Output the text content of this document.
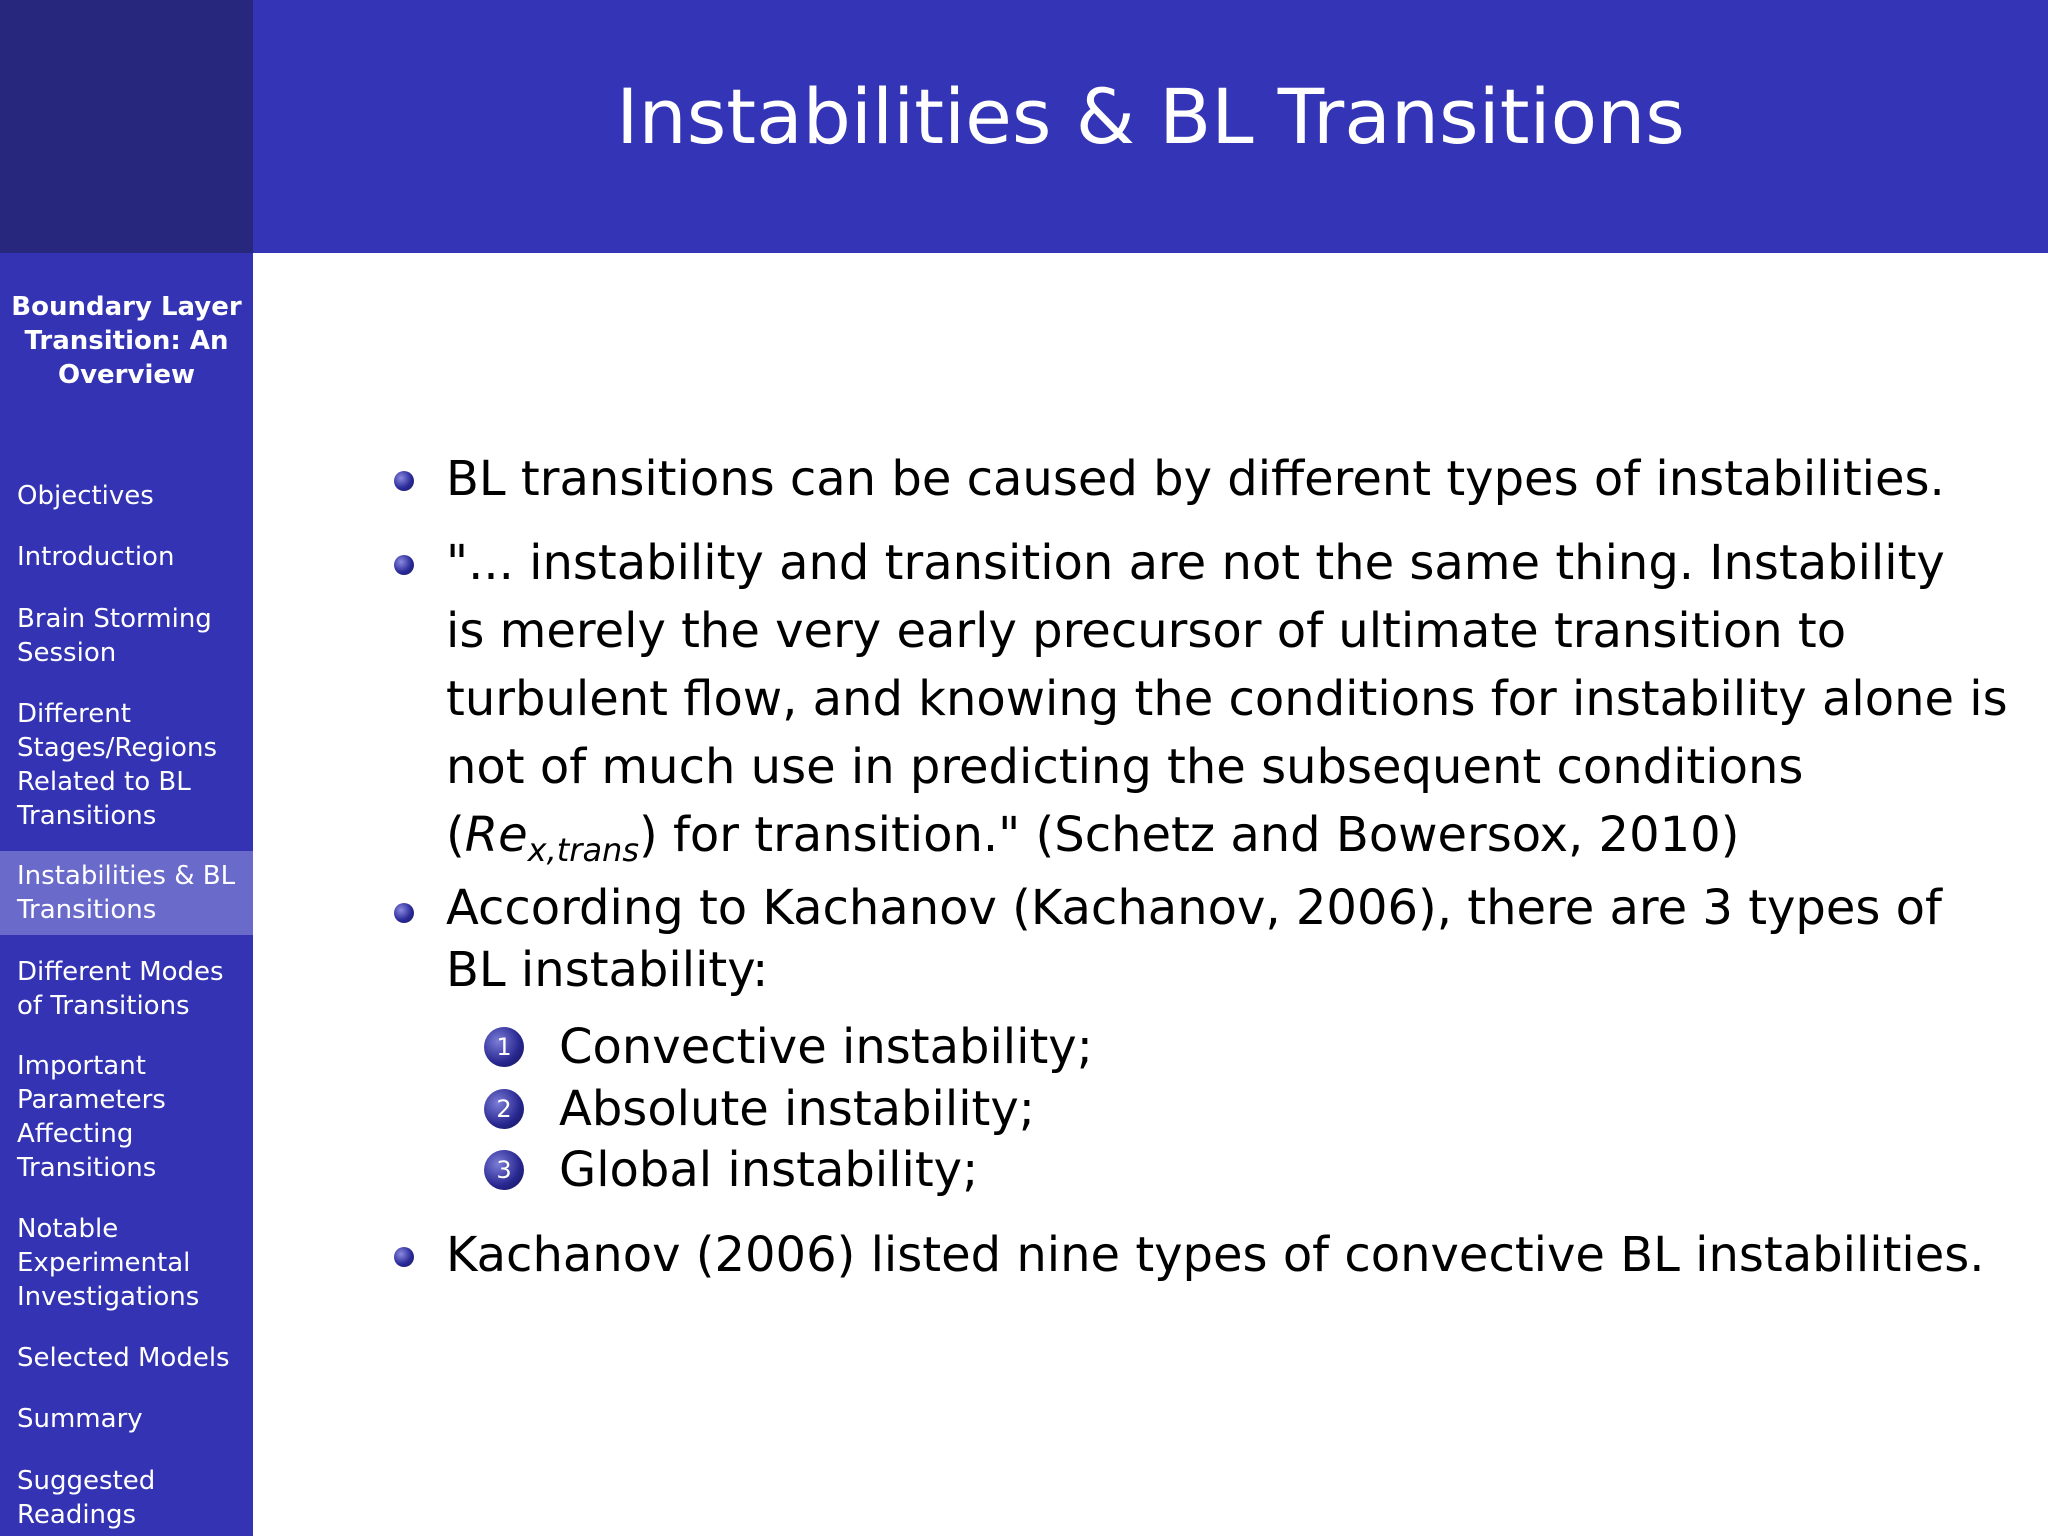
Boundary Layer
Transition: An
Overview
Objectives
Introduction
Brain Storming
Session
Different
Stages/Regions
Related to BL
Transitions
Instabilities & BL
Transitions
Different Modes
of Transitions
Important
Parameters
Affecting
Transitions
Notable
Experimental
Investigations
Selected Models
Summary
Suggested
Readings
Instabilities & BL Transitions
BL transitions can be caused by different types of instabilities.
"... instability and transition are not the same thing. Instability
is merely the very early precursor of ultimate transition to
turbulent flow, and knowing the conditions for instability alone is
not of much use in predicting the subsequent conditions
$(Re_{x,trans})$ for transition." (Schetz and Bowersox, 2010)
According to Kachanov (Kachanov, 2006), there are 3 types of
BL instability:
1 Convective instability;
2 Absolute instability;
3 Global instability;
Kachanov (2006) listed nine types of convective BL instabilities.
